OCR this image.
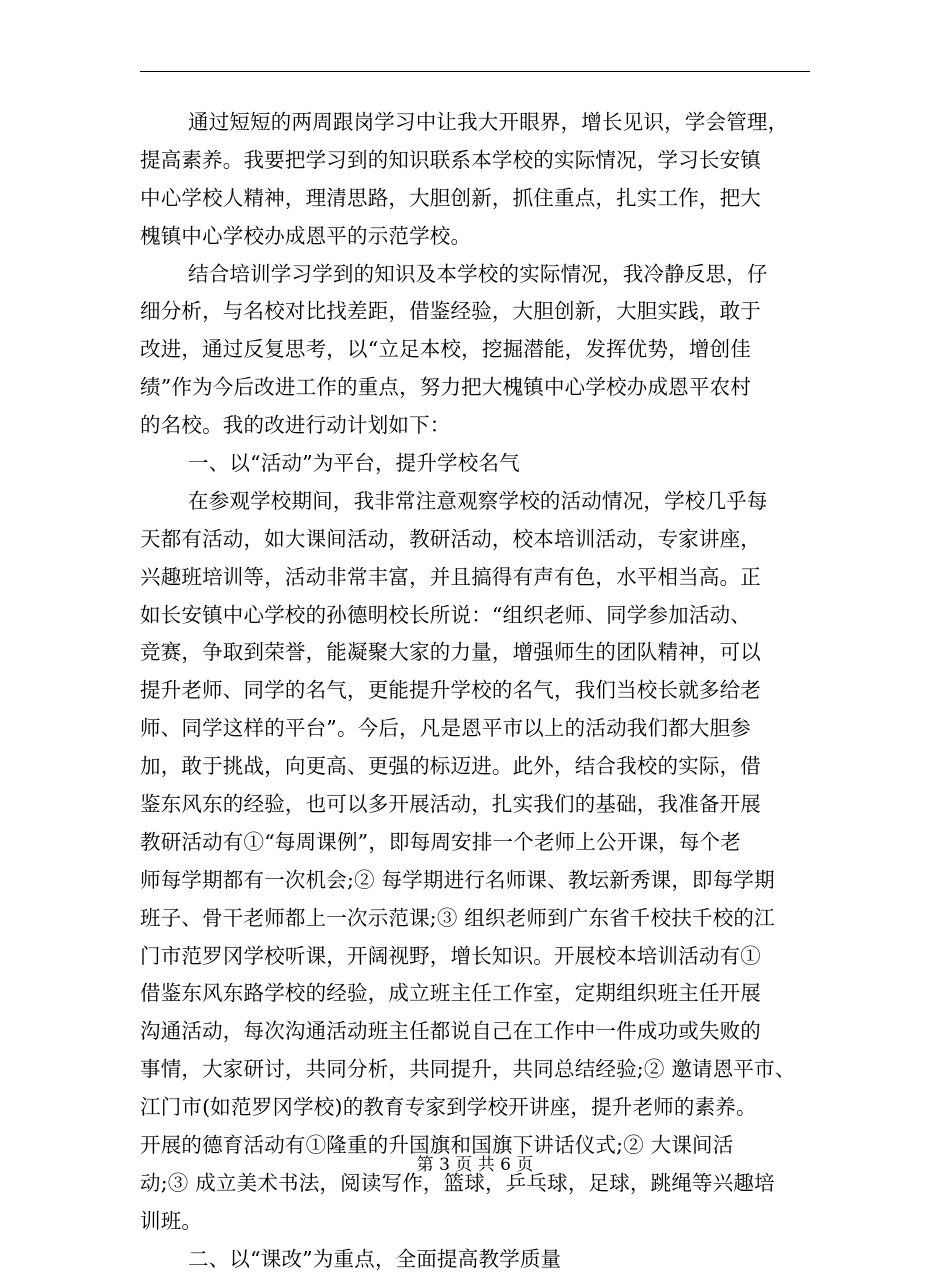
通过短短的两周跟岗学习中让我大开眼界，增长见识，学会管理，
提高素养。我要把学习到的知识联系本学校的实际情况，学习长安镇
中心学校人精神，理清思路，大胆创新，抓住重点，扎实工作，把大
槐镇中心学校办成恩平的示范学校。
结合培训学习学到的知识及本学校的实际情况，我冷静反思，仔
细分析，与名校对比找差距，借鉴经验，大胆创新，大胆实践，敢于
改进，通过反复思考，以“立足本校，挖掘潜能，发挥优势，增创佳
绩”作为今后改进工作的重点，努力把大槐镇中心学校办成恩平农村
的名校。我的改进行动计划如下：
一、以“活动”为平台，提升学校名气
在参观学校期间，我非常注意观察学校的活动情况，学校几乎每
天都有活动，如大课间活动，教研活动，校本培训活动，专家讲座，
兴趣班培训等，活动非常丰富，并且搞得有声有色，水平相当高。正
如长安镇中心学校的孙德明校长所说：“组织老师、同学参加活动、
竞赛，争取到荣誉，能凝聚大家的力量，增强师生的团队精神，可以
提升老师、同学的名气，更能提升学校的名气，我们当校长就多给老
师、同学这样的平台”。今后，凡是恩平市以上的活动我们都大胆参
加，敢于挑战，向更高、更强的标迈进。此外，结合我校的实际，借
鉴东风东的经验，也可以多开展活动，扎实我们的基础，我准备开展
教研活动有①“每周课例”，即每周安排一个老师上公开课，每个老
师每学期都有一次机会;② 每学期进行名师课、教坛新秀课，即每学期
班子、骨干老师都上一次示范课;③ 组织老师到广东省千校扶千校的江
门市范罗冈学校听课，开阔视野，增长知识。开展校本培训活动有①
借鉴东风东路学校的经验，成立班主任工作室，定期组织班主任开展
沟通活动，每次沟通活动班主任都说自己在工作中一件成功或失败的
事情，大家研讨，共同分析，共同提升，共同总结经验;② 邀请恩平市、
江门市(如范罗冈学校)的教育专家到学校开讲座，提升老师的素养。
开展的德育活动有①隆重的升国旗和国旗下讲话仪式;② 大课间活
动;③ 成立美术书法，阅读写作，篮球，乒乓球，足球，跳绳等兴趣培
训班。
二、以“课改”为重点，全面提高教学质量
第 3 页 共 6 页
